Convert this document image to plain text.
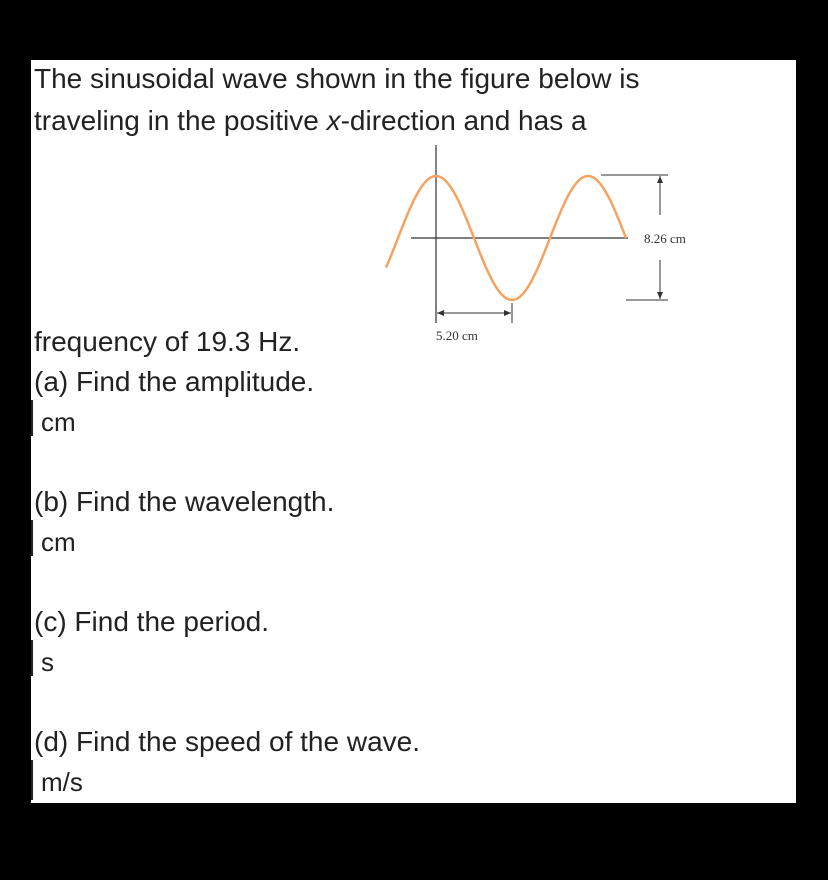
The sinusoidal wave shown in the figure below is
traveling in the positive x-direction and has a
8.26 cm
5.20 cm
frequency of 19.3 Hz.
(a) Find the amplitude.
cm
(b) Find the wavelength.
cm
(c) Find the period.
s
(d) Find the speed of the wave.
m/s
